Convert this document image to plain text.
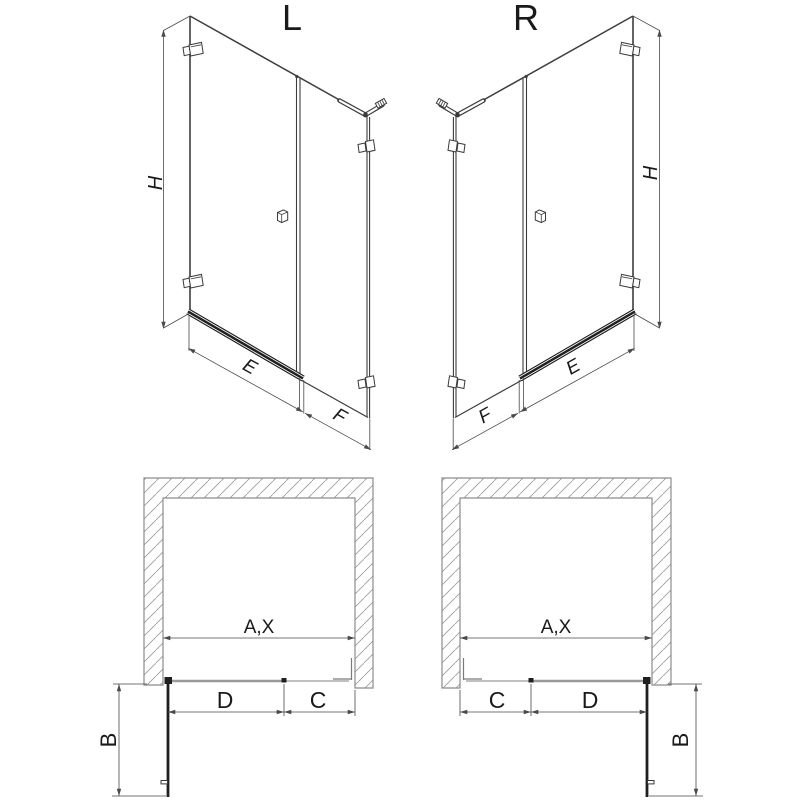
L	R
H
H
E	E
F	F
A,X	A,X
D	D
C	C
B	B
